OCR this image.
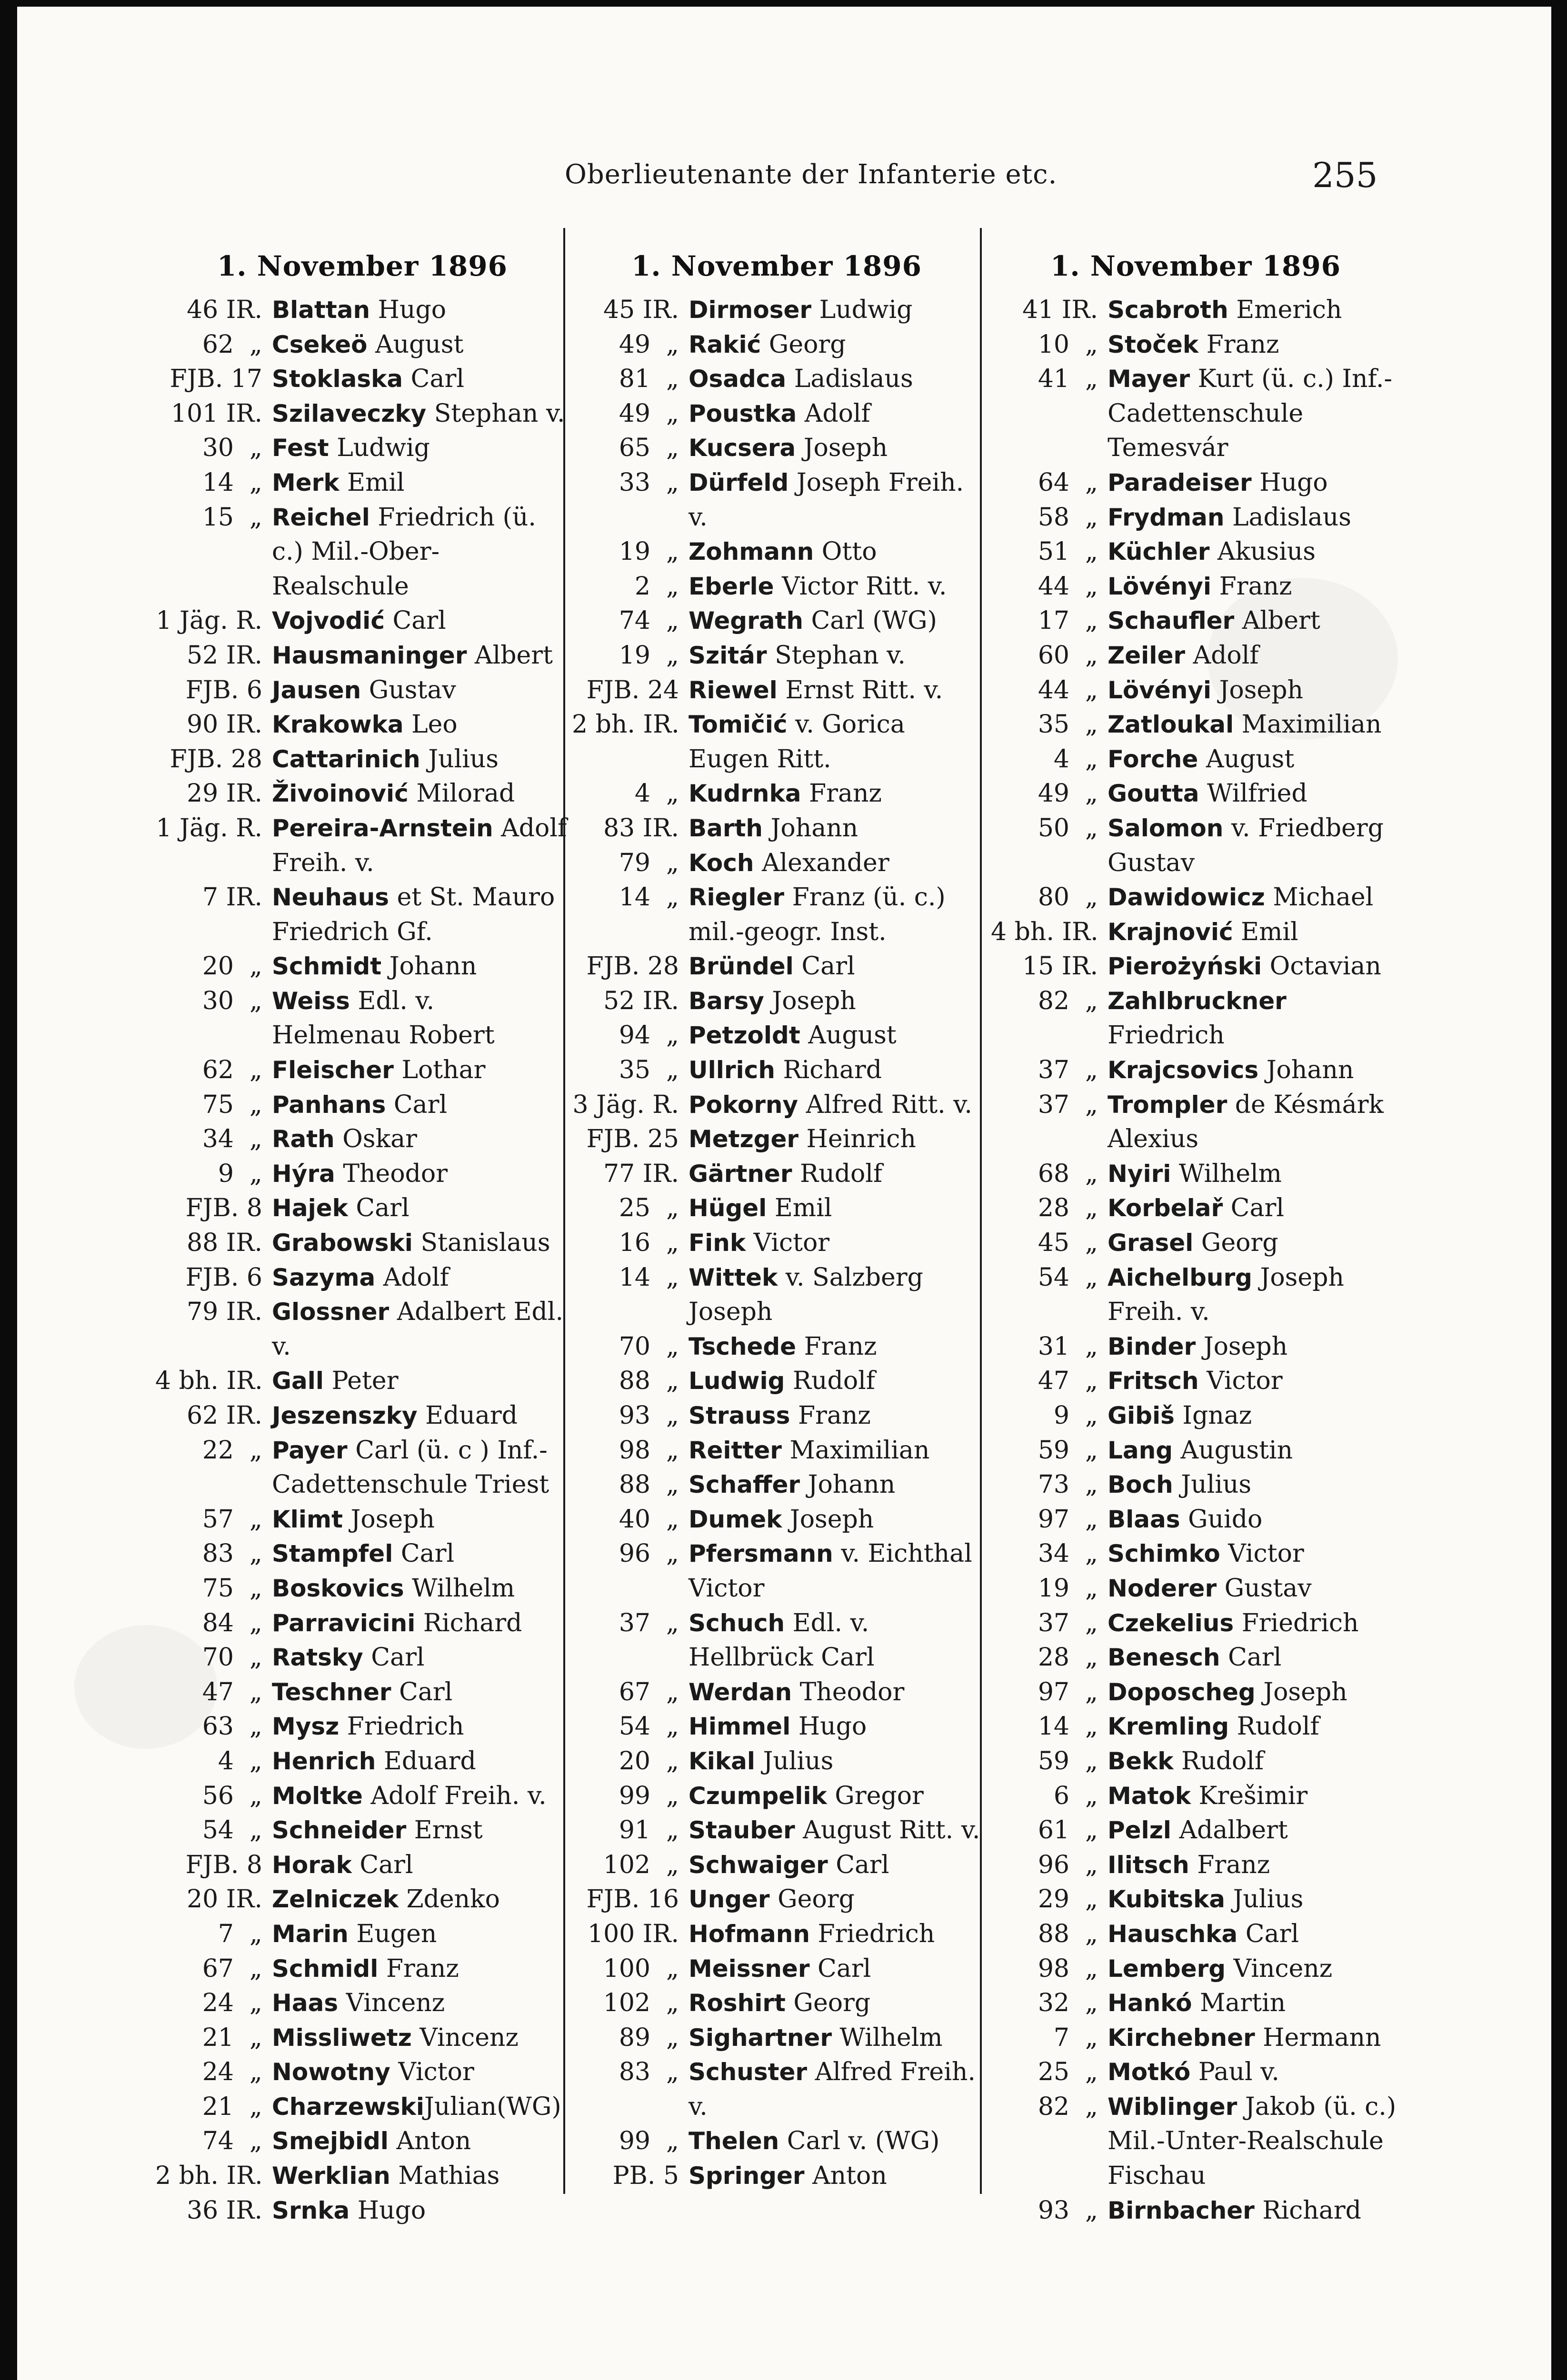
Oberlieutenante der Infanterie etc.	255
1. November 1896
46 IR. Blattan Hugo
62  „ Csekeö August
FJB. 17 Stoklaska Carl
101 IR. Szilaveczky Stephan v.
30  „ Fest Ludwig
14  „ Merk Emil
15  „ Reichel Friedrich (ü. c.) Mil.-Ober-Realschule
1 Jäg. R. Vojvodić Carl
52 IR. Hausmaninger Albert
FJB. 6 Jausen Gustav
90 IR. Krakowka Leo
FJB. 28 Cattarinich Julius
29 IR. Živoinović Milorad
1 Jäg. R. Pereira-Arnstein Adolf Freih. v.
7 IR. Neuhaus et St. Mauro Friedrich Gf.
20  „ Schmidt Johann
30  „ Weiss Edl. v. Helmenau Robert
62  „ Fleischer Lothar
75  „ Panhans Carl
34  „ Rath Oskar
9  „ Hýra Theodor
FJB. 8 Hajek Carl
88 IR. Grabowski Stanislaus
FJB. 6 Sazyma Adolf
79 IR. Glossner Adalbert Edl. v.
4 bh. IR. Gall Peter
62 IR. Jeszenszky Eduard
22  „ Payer Carl (ü. c ) Inf.-Cadettenschule Triest
57  „ Klimt Joseph
83  „ Stampfel Carl
75  „ Boskovics Wilhelm
84  „ Parravicini Richard
70  „ Ratsky Carl
47  „ Teschner Carl
63  „ Mysz Friedrich
4  „ Henrich Eduard
56  „ Moltke Adolf Freih. v.
54  „ Schneider Ernst
FJB. 8 Horak Carl
20 IR. Zelniczek Zdenko
7  „ Marin Eugen
67  „ Schmidl Franz
24  „ Haas Vincenz
21  „ Missliwetz Vincenz
24  „ Nowotny Victor
21  „ CharzewskiJulian(WG)
74  „ Smejbidl Anton
2 bh. IR. Werklian Mathias
36 IR. Srnka Hugo
1. November 1896
45 IR. Dirmoser Ludwig
49  „ Rakić Georg
81  „ Osadca Ladislaus
49  „ Poustka Adolf
65  „ Kucsera Joseph
33  „ Dürfeld Joseph Freih. v.
19  „ Zohmann Otto
2  „ Eberle Victor Ritt. v.
74  „ Wegrath Carl (WG)
19  „ Szitár Stephan v.
FJB. 24 Riewel Ernst Ritt. v.
2 bh. IR. Tomičić v. Gorica Eugen Ritt.
4  „ Kudrnka Franz
83 IR. Barth Johann
79  „ Koch Alexander
14  „ Riegler Franz (ü. c.) mil.-geogr. Inst.
FJB. 28 Bründel Carl
52 IR. Barsy Joseph
94  „ Petzoldt August
35  „ Ullrich Richard
3 Jäg. R. Pokorny Alfred Ritt. v.
FJB. 25 Metzger Heinrich
77 IR. Gärtner Rudolf
25  „ Hügel Emil
16  „ Fink Victor
14  „ Wittek v. Salzberg Joseph
70  „ Tschede Franz
88  „ Ludwig Rudolf
93  „ Strauss Franz
98  „ Reitter Maximilian
88  „ Schaffer Johann
40  „ Dumek Joseph
96  „ Pfersmann v. Eichthal Victor
37  „ Schuch Edl. v. Hellbrück Carl
67  „ Werdan Theodor
54  „ Himmel Hugo
20  „ Kikal Julius
99  „ Czumpelik Gregor
91  „ Stauber August Ritt. v.
102  „ Schwaiger Carl
FJB. 16 Unger Georg
100 IR. Hofmann Friedrich
100  „ Meissner Carl
102  „ Roshirt Georg
89  „ Sighartner Wilhelm
83  „ Schuster Alfred Freih. v.
99  „ Thelen Carl v. (WG)
PB. 5 Springer Anton
1. November 1896
41 IR. Scabroth Emerich
10  „ Stoček Franz
41  „ Mayer Kurt (ü. c.) Inf.-Cadettenschule Temesvár
64  „ Paradeiser Hugo
58  „ Frydman Ladislaus
51  „ Küchler Akusius
44  „ Lövényi Franz
17  „ Schaufler Albert
60  „ Zeiler Adolf
44  „ Lövényi Joseph
35  „ Zatloukal Maximilian
4  „ Forche August
49  „ Goutta Wilfried
50  „ Salomon v. Friedberg Gustav
80  „ Dawidowicz Michael
4 bh. IR. Krajnović Emil
15 IR. Pierożyński Octavian
82  „ Zahlbruckner Friedrich
37  „ Krajcsovics Johann
37  „ Trompler de Késmárk Alexius
68  „ Nyiri Wilhelm
28  „ Korbelař Carl
45  „ Grasel Georg
54  „ Aichelburg Joseph Freih. v.
31  „ Binder Joseph
47  „ Fritsch Victor
9  „ Gibiš Ignaz
59  „ Lang Augustin
73  „ Boch Julius
97  „ Blaas Guido
34  „ Schimko Victor
19  „ Noderer Gustav
37  „ Czekelius Friedrich
28  „ Benesch Carl
97  „ Doposcheg Joseph
14  „ Kremling Rudolf
59  „ Bekk Rudolf
6  „ Matok Krešimir
61  „ Pelzl Adalbert
96  „ Ilitsch Franz
29  „ Kubitska Julius
88  „ Hauschka Carl
98  „ Lemberg Vincenz
32  „ Hankó Martin
7  „ Kirchebner Hermann
25  „ Motkó Paul v.
82  „ Wiblinger Jakob (ü. c.) Mil.-Unter-Realschule Fischau
93  „ Birnbacher Richard
